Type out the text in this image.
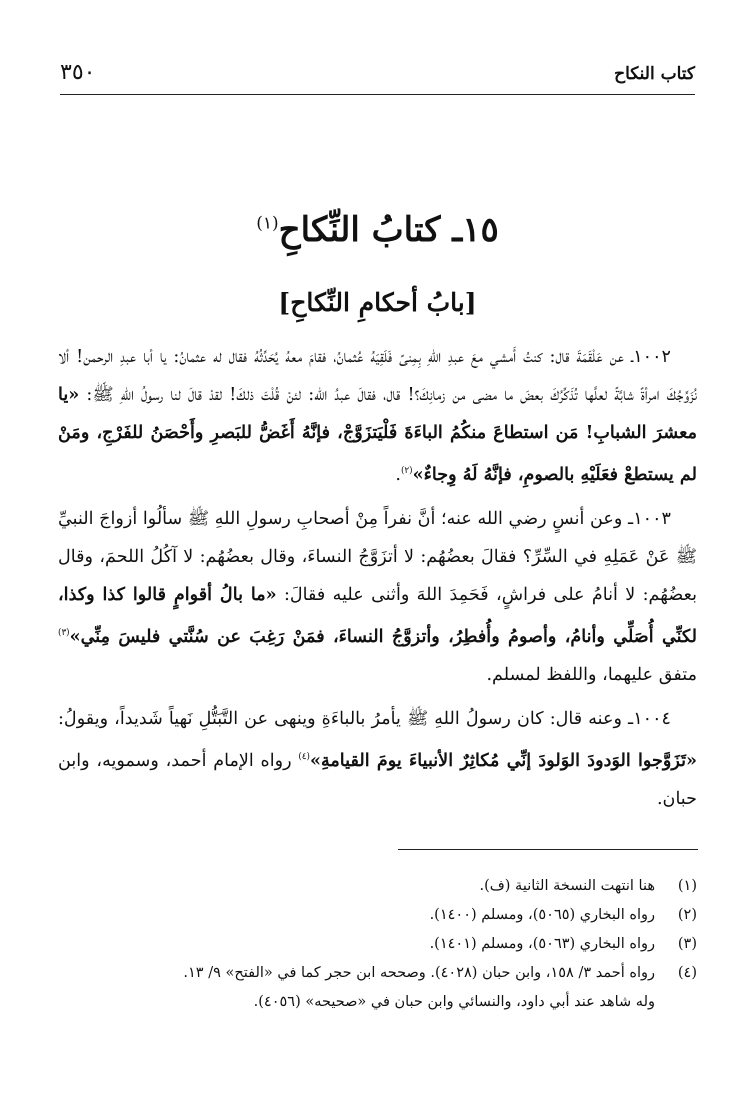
٣٥٠	كتاب النكاح
١٥ـ كتابُ النِّكاحِ$^{(١)}$
[بابُ أحكامِ النِّكاحِ]

١٠٠٢ـ عن عَلْقَمَةَ قال: كنتُ أَمشي معَ عبدِ اللهِ بِمِنىً فَلَقِيَهُ عُثمانُ، فقامَ معهُ يُحَدِّثُهُ فقال له عثمانُ: يا أبا عبدِ الرحمن! ألا نُزَوِّجُكَ امرأةً شابَّةً لعلَّها تُذَكِّرُكَ بعضَ ما مضى من زمانِكَ؟! قال، فقالَ عبدُ الله: لئنْ قُلْتَ ذلكَ! لقدْ قالَ لنا رسولُ اللهِ ﷺ: «يا معشرَ الشبابِ! مَن استطاعَ منكُمُ الباءَةَ فَلْيَتزَوَّجْ، فإنَّهُ أَغَضُّ للبَصرِ وأَحْصَنُ للفَرْجِ، ومَنْ لم يستطعْ فعَلَيْهِ بالصومِ، فإنَّهُ لَهُ وِجاءٌ»$^{(٢)}$.

١٠٠٣ـ وعن أنسٍ رضي الله عنه؛ أنَّ نفراً مِنْ أصحابِ رسولِ اللهِ ﷺ سألُوا أزواجَ النبيِّ ﷺ عَنْ عَمَلِهِ في السِّرِّ؟ فقالَ بعضُهُم: لا أتزَوَّجُ النساءَ، وقال بعضُهُم: لا آكُلُ اللحمَ، وقال بعضُهُم: لا أنامُ على فراشٍ، فَحَمِدَ اللهَ وأثنى عليه فقالَ: «ما بالُ أقوامٍ قالوا كذا وكذا، لكنِّي أُصَلِّي وأنامُ، وأصومُ وأُفطِرُ، وأتزوَّجُ النساءَ، فمَنْ رَغِبَ عن سُنَّتي فليسَ مِنِّي»$^{(٣)}$ متفق عليهما، واللفظ لمسلم.

١٠٠٤ـ وعنه قال: كان رسولُ اللهِ ﷺ يأمرُ بالباءَةِ وينهى عن التَّبَتُّلِ نَهياً شَديداً، ويقولُ: «تَزَوَّجوا الوَدودَ الوَلودَ إنِّي مُكاثِرٌ الأنبياءَ يومَ القيامةِ»$^{(٤)}$ رواه الإمام أحمد، وسمويه، وابن حبان.

(١)
هنا انتهت النسخة الثانية (ف).
(٢)
رواه البخاري (٥٠٦٥)، ومسلم (١٤٠٠).
(٣)
رواه البخاري (٥٠٦٣)، ومسلم (١٤٠١).
(٤)
رواه أحمد ٣/ ١٥٨، وابن حبان (٤٠٢٨). وصححه ابن حجر كما في «الفتح» ٩/ ١٣.
وله شاهد عند أبي داود، والنسائي وابن حبان في «صحيحه» (٤٠٥٦).
